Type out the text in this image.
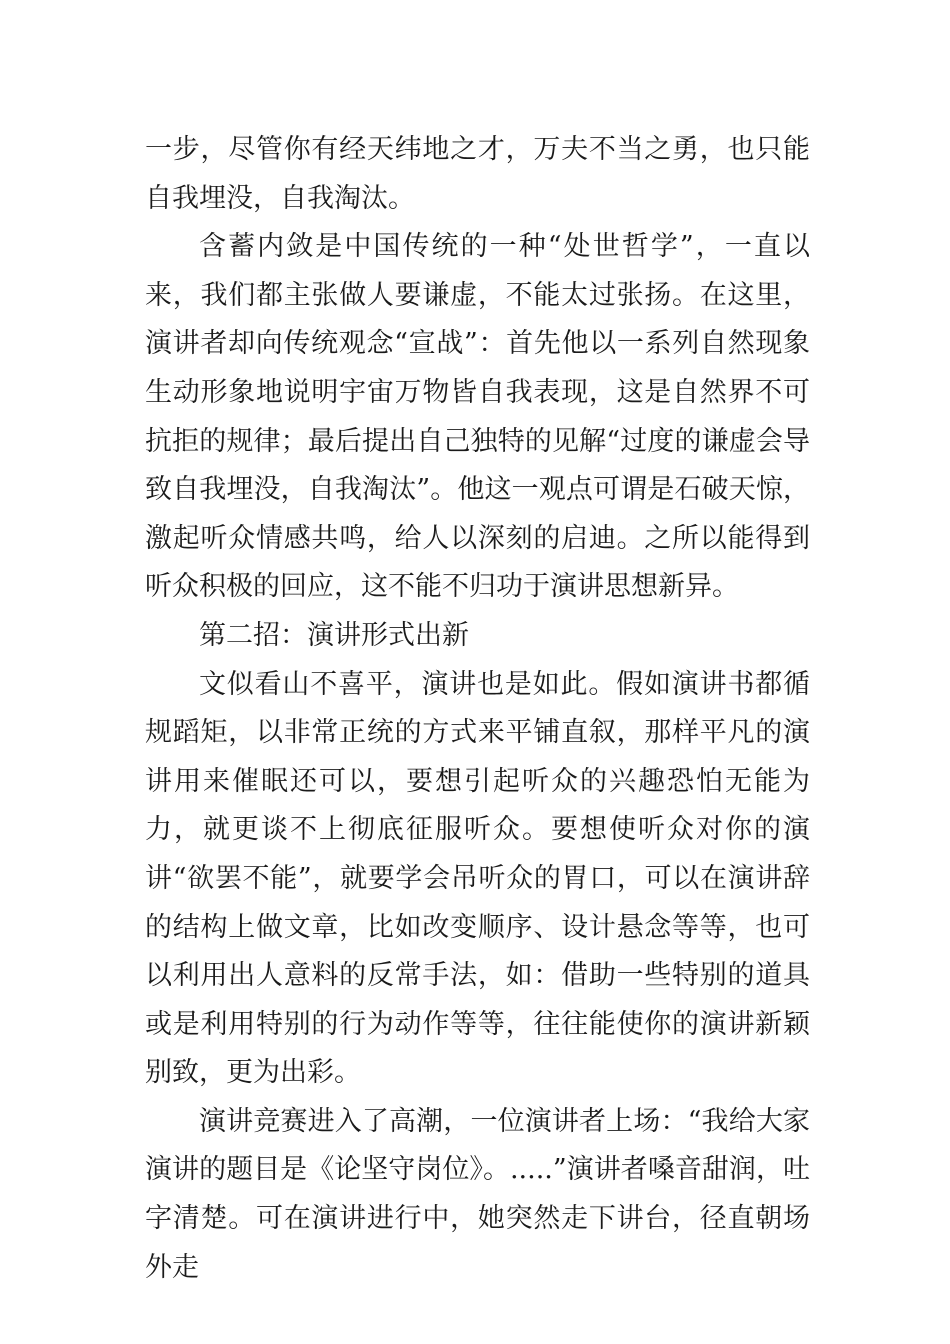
一步，尽管你有经天纬地之才，万夫不当之勇，也只能自我埋没，自我淘汰。

含蓄内敛是中国传统的一种“处世哲学”，一直以来，我们都主张做人要谦虚，不能太过张扬。在这里，演讲者却向传统观念“宣战”：首先他以一系列自然现象生动形象地说明宇宙万物皆自我表现，这是自然界不可抗拒的规律；最后提出自己独特的见解“过度的谦虚会导致自我埋没，自我淘汰”。他这一观点可谓是石破天惊，激起听众情感共鸣，给人以深刻的启迪。之所以能得到听众积极的回应，这不能不归功于演讲思想新异。

第二招：演讲形式出新

文似看山不喜平，演讲也是如此。假如演讲书都循规蹈矩，以非常正统的方式来平铺直叙，那样平凡的演讲用来催眠还可以，要想引起听众的兴趣恐怕无能为力，就更谈不上彻底征服听众。要想使听众对你的演讲“欲罢不能”，就要学会吊听众的胃口，可以在演讲辞的结构上做文章，比如改变顺序、设计悬念等等，也可以利用出人意料的反常手法，如：借助一些特别的道具或是利用特别的行为动作等等，往往能使你的演讲新颖别致，更为出彩。

演讲竞赛进入了高潮，一位演讲者上场：“我给大家演讲的题目是《论坚守岗位》。.....”演讲者嗓音甜润，吐字清楚。可在演讲进行中，她突然走下讲台，径直朝场外走
